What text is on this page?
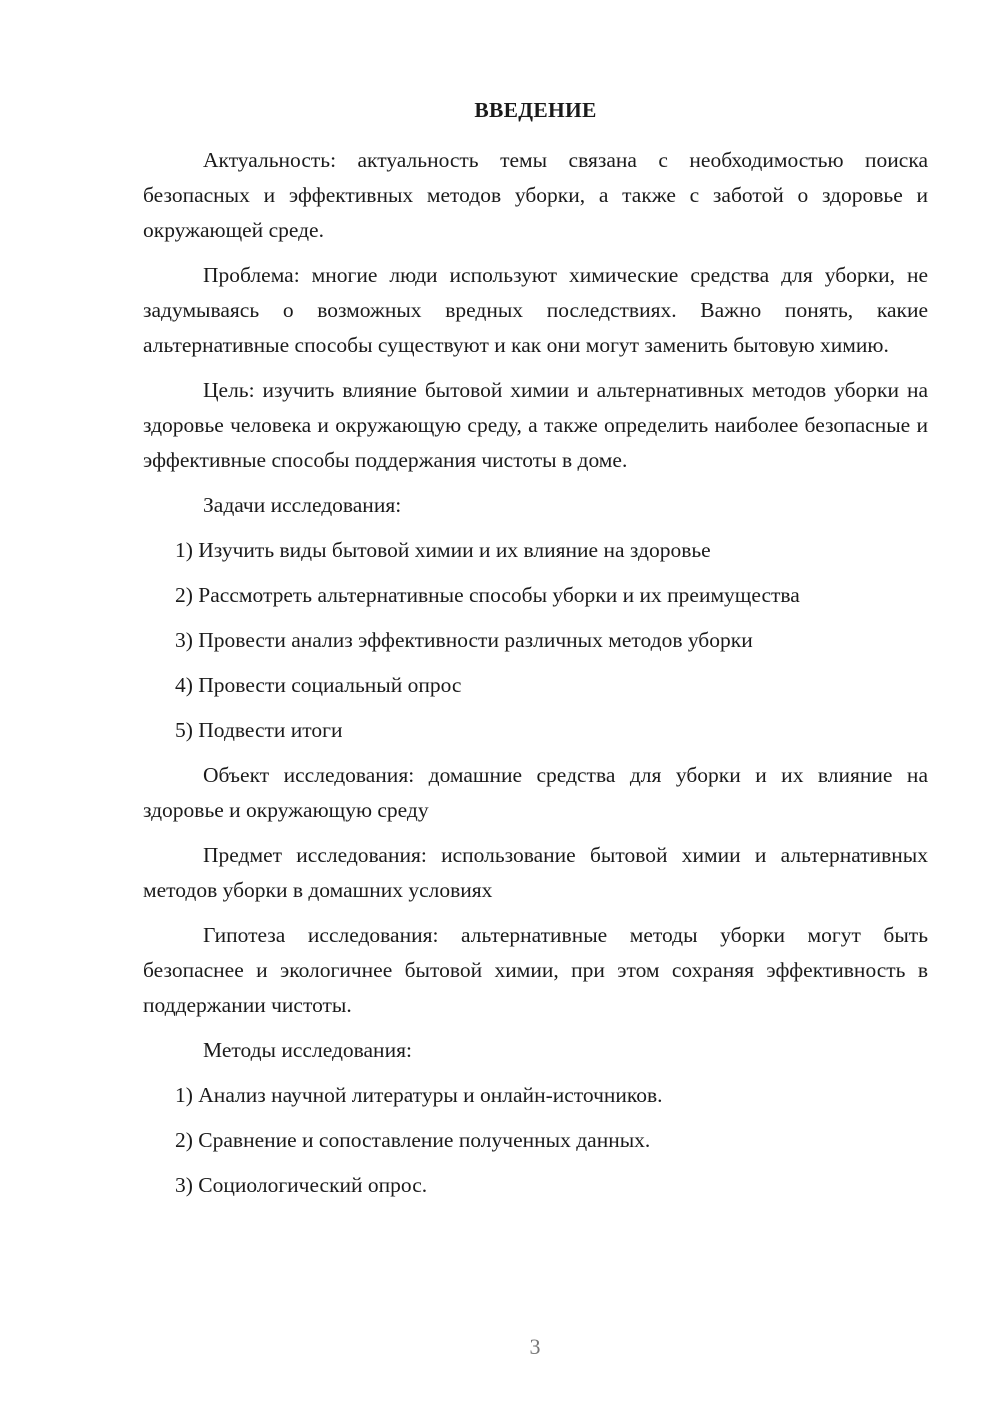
ВВЕДЕНИЕ

Актуальность: актуальность темы связана с необходимостью поиска безопасных и эффективных методов уборки, а также с заботой о здоровье и окружающей среде.

Проблема: многие люди используют химические средства для уборки, не задумываясь о возможных вредных последствиях. Важно понять, какие альтернативные способы существуют и как они могут заменить бытовую химию.

Цель: изучить влияние бытовой химии и альтернативных методов уборки на здоровье человека и окружающую среду, а также определить наиболее безопасные и эффективные способы поддержания чистоты в доме.

Задачи исследования:

1) Изучить виды бытовой химии и их влияние на здоровье

2) Рассмотреть альтернативные способы уборки и их преимущества

3) Провести анализ эффективности различных методов уборки

4) Провести социальный опрос

5) Подвести итоги

Объект исследования: домашние средства для уборки и их влияние на здоровье и окружающую среду

Предмет исследования: использование бытовой химии и альтернативных методов уборки в домашних условиях

Гипотеза исследования: альтернативные методы уборки могут быть безопаснее и экологичнее бытовой химии, при этом сохраняя эффективность в поддержании чистоты.

Методы исследования:

1) Анализ научной литературы и онлайн-источников.

2) Сравнение и сопоставление полученных данных.

3) Социологический опрос.

3
